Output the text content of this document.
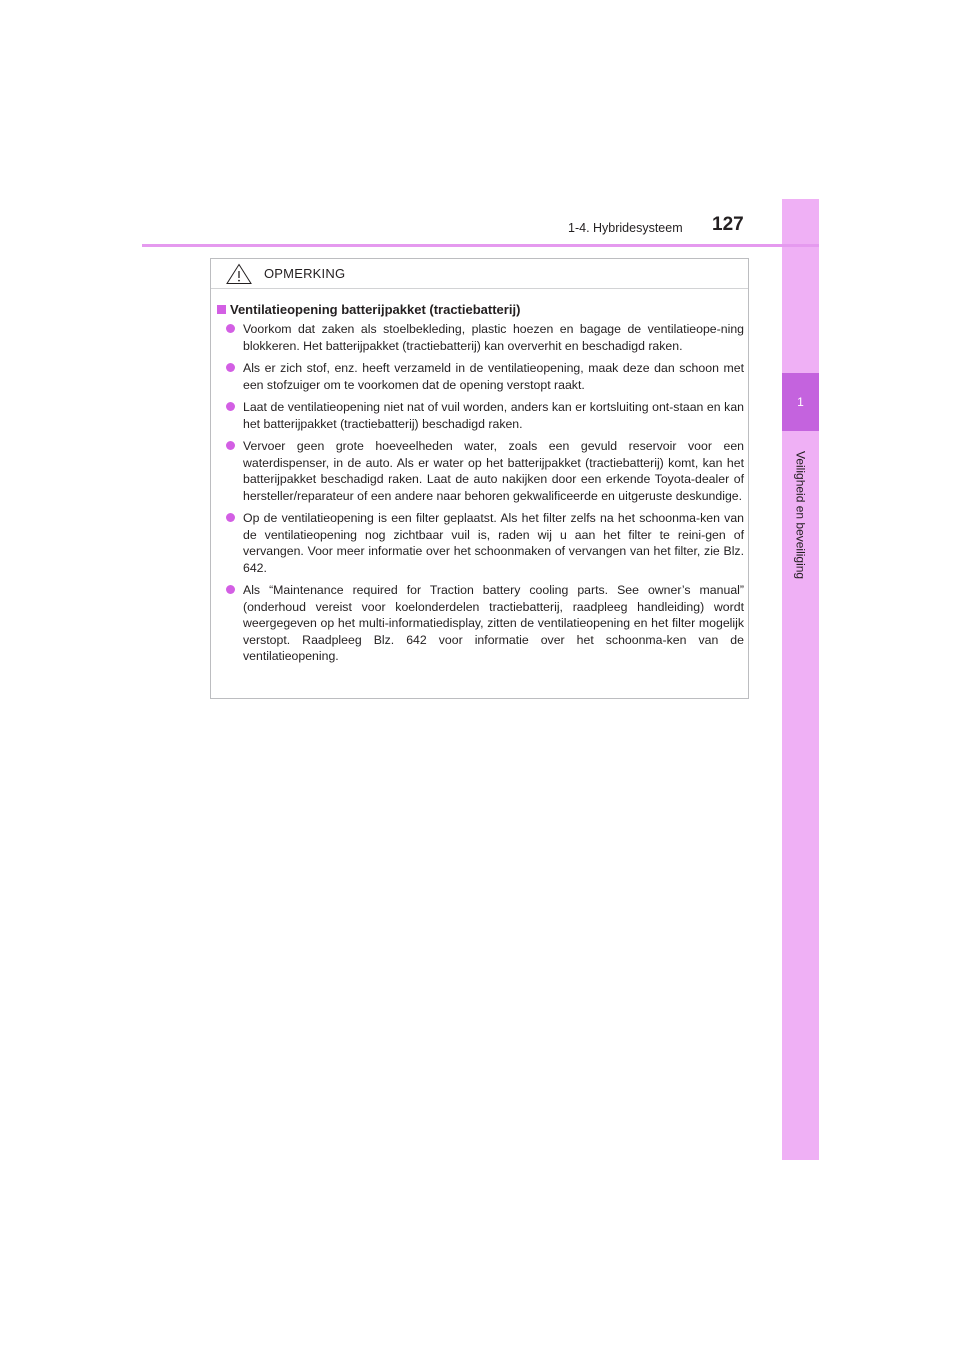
1
Veiligheid en beveiliging
1-4. Hybridesysteem 127
OPMERKING
Ventilatieopening batterijpakket (tractiebatterij)
Voorkom dat zaken als stoelbekleding, plastic hoezen en bagage de ventilatieope-ning blokkeren. Het batterijpakket (tractiebatterij) kan oververhit en beschadigd raken.
Als er zich stof, enz. heeft verzameld in de ventilatieopening, maak deze dan schoon met een stofzuiger om te voorkomen dat de opening verstopt raakt.
Laat de ventilatieopening niet nat of vuil worden, anders kan er kortsluiting ont-staan en kan het batterijpakket (tractiebatterij) beschadigd raken.
Vervoer geen grote hoeveelheden water, zoals een gevuld reservoir voor een waterdispenser, in de auto. Als er water op het batterijpakket (tractiebatterij) komt, kan het batterijpakket beschadigd raken. Laat de auto nakijken door een erkende Toyota-dealer of hersteller/reparateur of een andere naar behoren gekwalificeerde en uitgeruste deskundige.
Op de ventilatieopening is een filter geplaatst. Als het filter zelfs na het schoonma-ken van de ventilatieopening nog zichtbaar vuil is, raden wij u aan het filter te reini-gen of vervangen. Voor meer informatie over het schoonmaken of vervangen van het filter, zie Blz. 642.
Als “Maintenance required for Traction battery cooling parts. See owner’s manual” (onderhoud vereist voor koelonderdelen tractiebatterij, raadpleeg handleiding) wordt weergegeven op het multi-informatiedisplay, zitten de ventilatieopening en het filter mogelijk verstopt. Raadpleeg Blz. 642 voor informatie over het schoonma-ken van de ventilatieopening.
